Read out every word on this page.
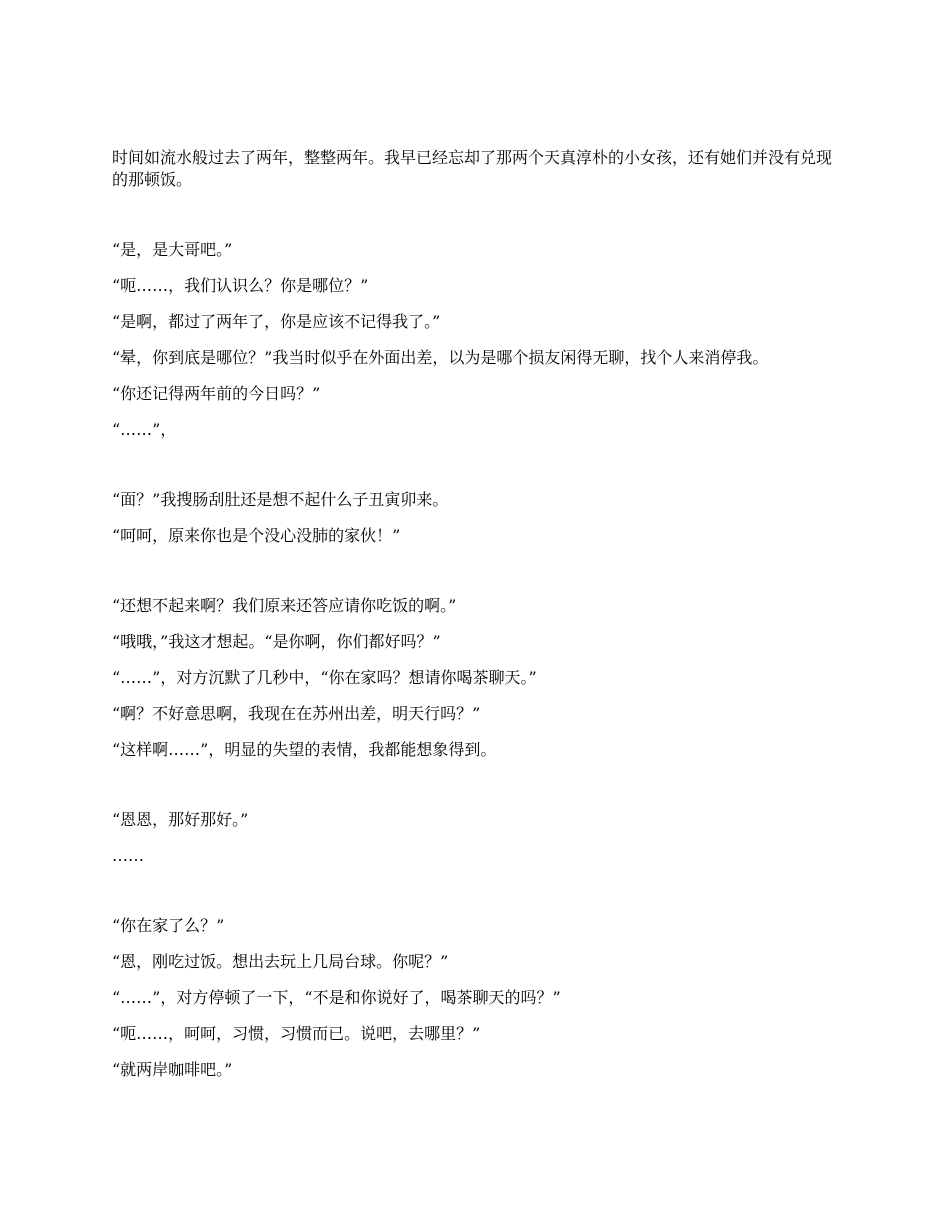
时间如流水般过去了两年，整整两年。我早已经忘却了那两个天真淳朴的小女孩，还有她们并没有兑现的那顿饭。

“是，是大哥吧。”

“呃……，我们认识么？你是哪位？”

“是啊，都过了两年了，你是应该不记得我了。”

“晕，你到底是哪位？”我当时似乎在外面出差，以为是哪个损友闲得无聊，找个人来消停我。

“你还记得两年前的今日吗？”

“……”，

“面？”我搜肠刮肚还是想不起什么子丑寅卯来。

“呵呵，原来你也是个没心没肺的家伙！”

“还想不起来啊？我们原来还答应请你吃饭的啊。”

“哦哦，”我这才想起。“是你啊，你们都好吗？”

“……”，对方沉默了几秒中，“你在家吗？想请你喝茶聊天。”

“啊？不好意思啊，我现在在苏州出差，明天行吗？”

“这样啊……”，明显的失望的表情，我都能想象得到。

“恩恩，那好那好。”

……

“你在家了么？”

“恩，刚吃过饭。想出去玩上几局台球。你呢？”

“……”，对方停顿了一下，“不是和你说好了，喝茶聊天的吗？”

“呃……，呵呵，习惯，习惯而已。说吧，去哪里？”

“就两岸咖啡吧。”
